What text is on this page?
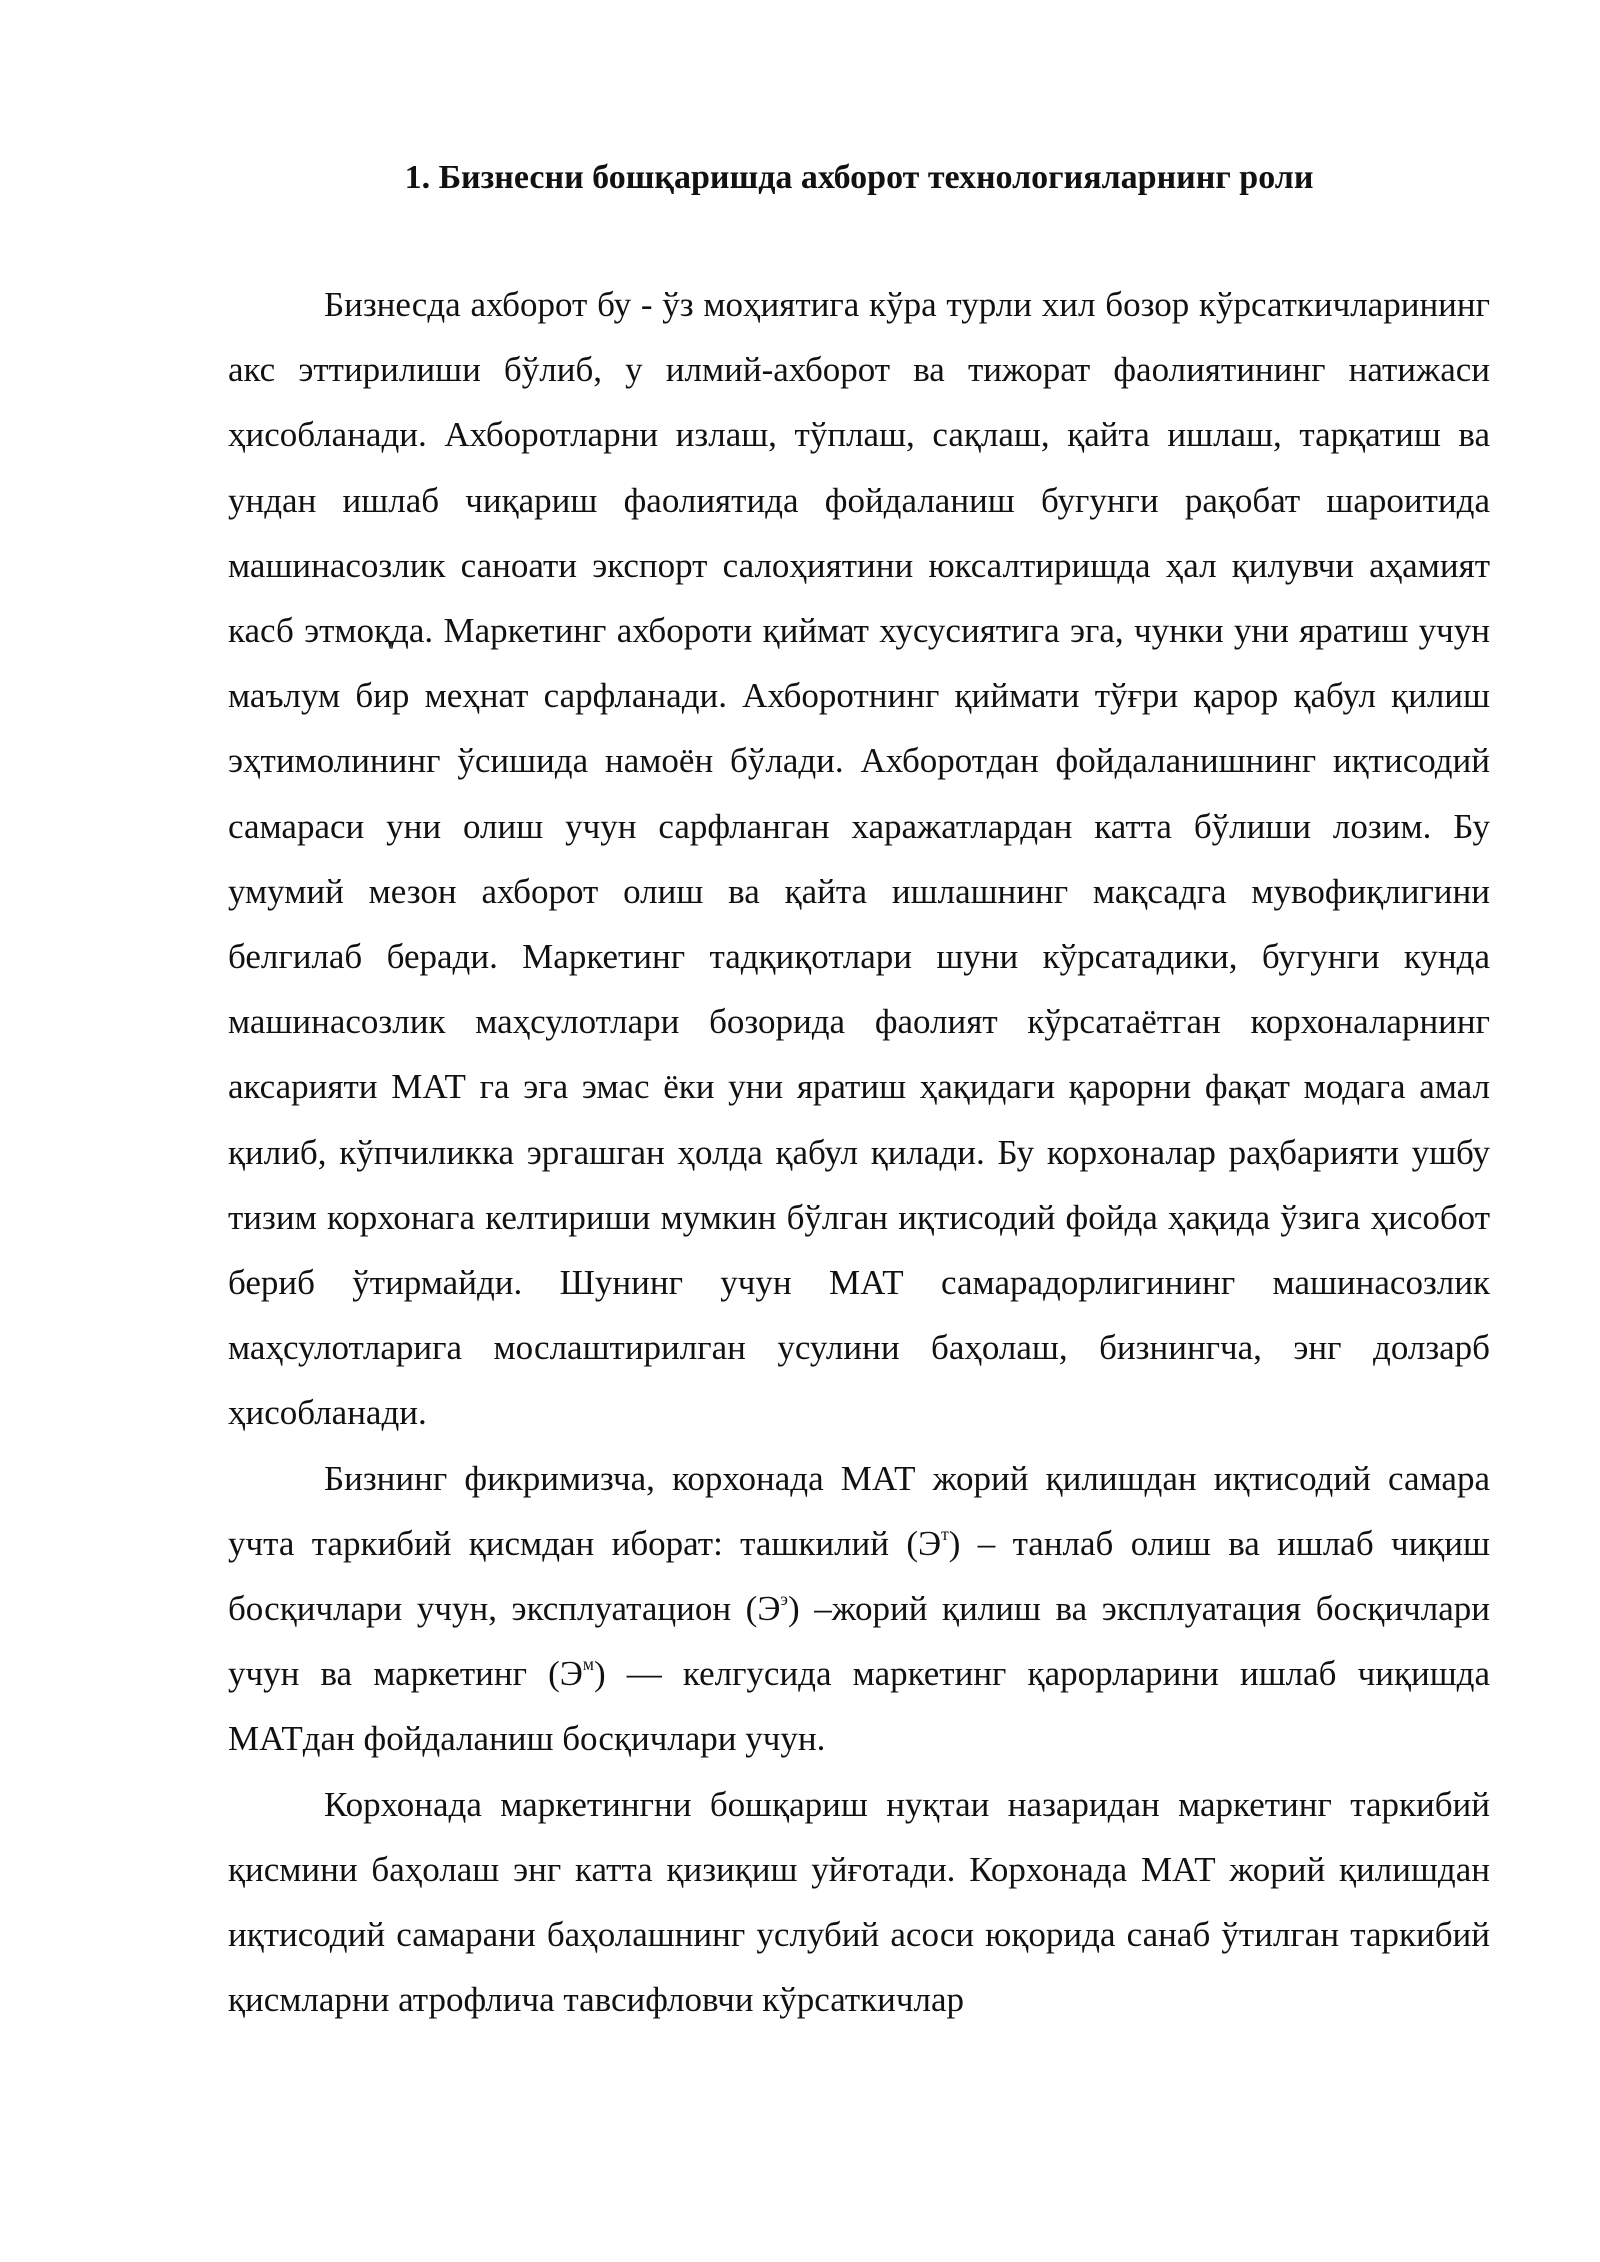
1. Бизнесни бошқаришда ахборот технологияларнинг роли

Бизнесда ахборот бу - ўз моҳиятига кўра турли хил бозор кўрсаткичларининг акс эттирилиши бўлиб, у илмий-ахборот ва тижорат фаолиятининг натижаси ҳисобланади. Ахборотларни излаш, тўплаш, сақлаш, қайта ишлаш, тарқатиш ва ундан ишлаб чиқариш фаолиятида фойдаланиш бугунги рақобат шароитида машинасозлик саноати экспорт салоҳиятини юксалтиришда ҳал қилувчи аҳамият касб этмоқда. Маркетинг ахбороти қиймат хусусиятига эга, чунки уни яратиш учун маълум бир меҳнат сарфланади. Ахборотнинг қиймати тўғри қарор қабул қилиш эҳтимолининг ўсишида намоён бўлади. Ахборотдан фойдаланишнинг иқтисодий самараси уни олиш учун сарфланган харажатлардан катта бўлиши лозим. Бу умумий мезон ахборот олиш ва қайта ишлашнинг мақсадга мувофиқлигини белгилаб беради. Маркетинг тадқиқотлари шуни кўрсатадики, бугунги кунда машинасозлик маҳсулотлари бозорида фаолият кўрсатаётган корхоналарнинг аксарияти МАТ га эга эмас ёки уни яратиш ҳақидаги қарорни фақат модага амал қилиб, кўпчиликка эргашган ҳолда қабул қилади. Бу корхоналар раҳбарияти ушбу тизим корхонага келтириши мумкин бўлган иқтисодий фойда ҳақида ўзига ҳисобот бериб ўтирмайди. Шунинг учун МАТ самарадорлигининг машинасозлик маҳсулотларига мослаштирилган усулини баҳолаш, бизнингча, энг долзарб ҳисобланади.

Бизнинг фикримизча, корхонада МАТ жорий қилишдан иқтисодий самара учта таркибий қисмдан иборат: ташкилий $(Э^т)$ – танлаб олиш ва ишлаб чиқиш босқичлари учун, эксплуатацион $(Э^э)$ –жорий қилиш ва эксплуатация босқичлари учун ва маркетинг $(Э^м)$ — келгусида маркетинг қарорларини ишлаб чиқишда МАТдан фойдаланиш босқичлари учун.

Корхонада маркетингни бошқариш нуқтаи назаридан маркетинг таркибий қисмини баҳолаш энг катта қизиқиш уйғотади. Корхонада МАТ жорий қилишдан иқтисодий самарани баҳолашнинг услубий асоси юқорида санаб ўтилган таркибий қисмларни атрофлича тавсифловчи кўрсаткичлар
